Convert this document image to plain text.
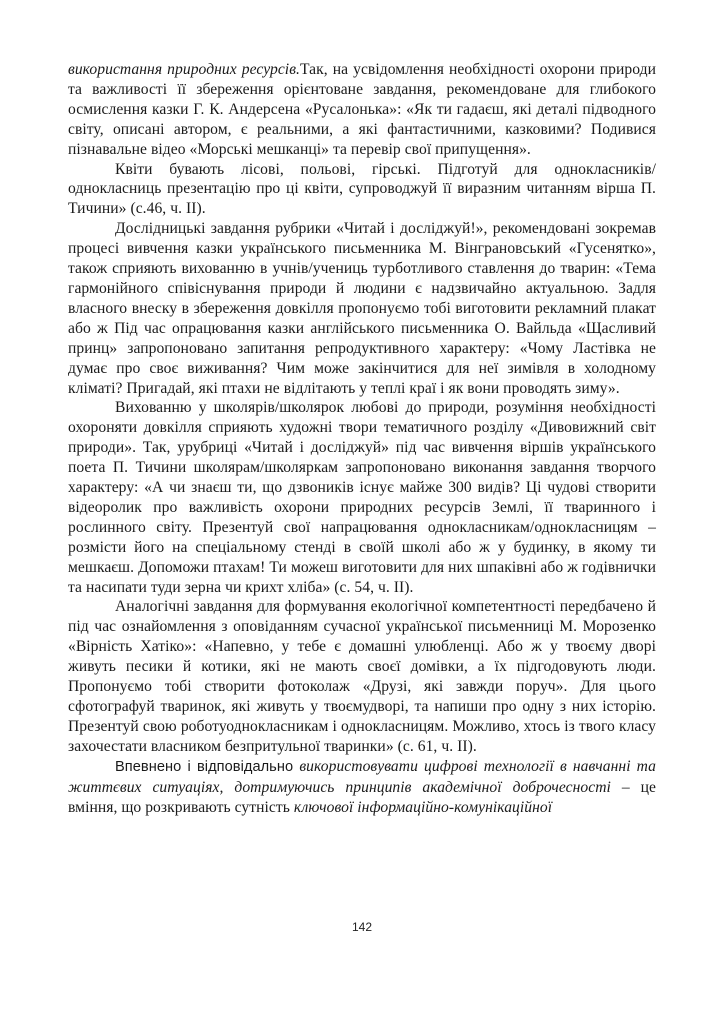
використання природних ресурсів.Так, на усвідомлення необхідності охорони природи та важливості її збереження орієнтоване завдання, рекомендоване для глибокого осмислення казки Г. К. Андерсена «Русалонька»: «Як ти гадаєш, які деталі підводного світу, описані автором, є реальними, а які фантастичними, казковими? Подивися пізнавальне відео «Морські мешканці» та перевір свої припущення».

Квіти бувають лісові, польові, гірські. Підготуй для однокласників/однокласниць презентацію про ці квіти, супроводжуй її виразним читанням вірша П. Тичини» (с.46, ч. ІІ).

Дослідницькі завдання рубрики «Читай і досліджуй!», рекомендовані зокремав процесі вивчення казки українського письменника М. Вінграновський «Гусенятко», також сприяють вихованню в учнів/учениць турботливого ставлення до тварин: «Тема гармонійного співіснування природи й людини є надзвичайно актуальною. Задля власного внеску в збереження довкілля пропонуємо тобі виготовити рекламний плакат або ж Під час опрацювання казки англійського письменника О. Вайльда «Щасливий принц» запропоновано запитання репродуктивного характеру: «Чому Ластівка не думає про своє виживання? Чим може закінчитися для неї зимівля в холодному кліматі? Пригадай, які птахи не відлітають у теплі краї і як вони проводять зиму».

Вихованню у школярів/школярок любові до природи, розуміння необхідності охороняти довкілля сприяють художні твори тематичного розділу «Дивовижний світ природи». Так, урубриці «Читай і досліджуй» під час вивчення віршів українського поета П. Тичини школярам/школяркам запропоновано виконання завдання творчого характеру: «А чи знаєш ти, що дзвоників існує майже 300 видів? Ці чудові створити відеоролик про важливість охорони природних ресурсів Землі, її тваринного і рослинного світу. Презентуй свої напрацювання однокласникам/однокласницям – розмісти його на спеціальному стенді в своїй школі або ж у будинку, в якому ти мешкаєш. Допоможи птахам! Ти можеш виготовити для них шпаківні або ж годівнички та насипати туди зерна чи крихт хліба» (с. 54, ч. ІІ).

Аналогічні завдання для формування екологічної компетентності передбачено й під час ознайомлення з оповіданням сучасної української письменниці М. Морозенко «Вірність Хатіко»: «Напевно, у тебе є домашні улюбленці. Або ж у твоєму дворі живуть песики й котики, які не мають своєї домівки, а їх підгодовують люди. Пропонуємо тобі створити фотоколаж «Друзі, які завжди поруч». Для цього сфотографуй тваринок, які живуть у твоємудворі, та напиши про одну з них історію. Презентуй свою роботуоднокласникам і однокласницям. Можливо, хтось із твого класу захочестати власником безпритульної тваринки» (с. 61, ч. ІІ).

Впевнено і відповідально використовувати цифрові технології в навчанні та життєвих ситуаціях, дотримуючись принципів академічної доброчесності – це вміння, що розкривають сутність ключової інформаційно-комунікаційної

142
